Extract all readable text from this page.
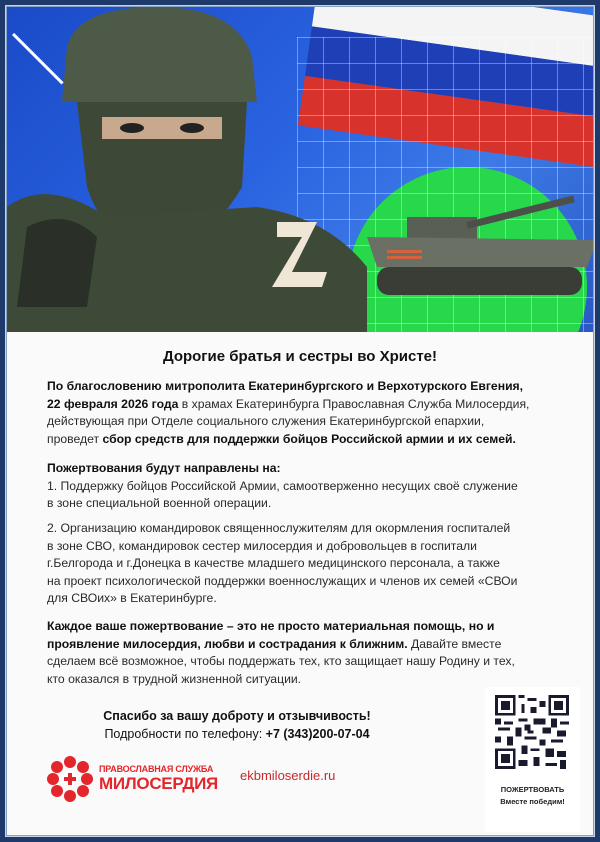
Дорогие братья и сестры во Христе!
По благословению митрополита Екатеринбургского и Верхотурского Евгения,
22 февраля 2026 года в храмах Екатеринбурга Православная Служба Милосердия,
действующая при Отделе социального служения Екатеринбургской епархии,
проведет сбор средств для поддержки бойцов Российской армии и их семей.
Пожертвования будут направлены на:
1. Поддержку бойцов Российской Армии, самоотверженно несущих своё служение
в зоне специальной военной операции.
2. Организацию командировок священнослужителям для окормления госпиталей
в зоне СВО, командировок сестер милосердия и добровольцев в госпитали
г.Белгорода и г.Донецка в качестве младшего медицинского персонала, а также
на проект психологической поддержки военнослужащих и членов их семей «СВОи
для СВОих» в Екатеринбурге.
Каждое ваше пожертвование – это не просто материальная помощь, но и
проявление милосердия, любви и сострадания к ближним. Давайте вместе
сделаем всё возможное, чтобы поддержать тех, кто защищает нашу Родину и тех,
кто оказался в трудной жизненной ситуации.
Спасибо за вашу доброту и отзывчивость!
Подробности по телефону: +7 (343)200-07-04
ПРАВОСЛАВНАЯ СЛУЖБА
МИЛОСЕРДИЯ ekbmiloserdie.ru
ПОЖЕРТВОВАТЬ
Вместе победим!
